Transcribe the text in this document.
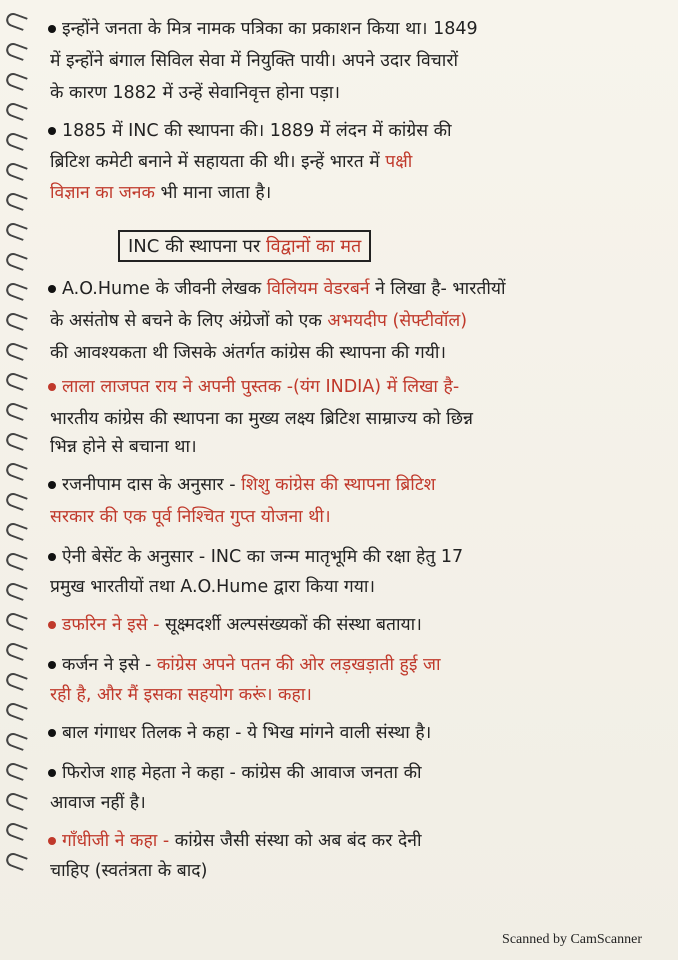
इन्होंने जनता के मित्र नामक पत्रिका का प्रकाशन किया था। 1849
में इन्होंने बंगाल सिविल सेवा में नियुक्ति पायी। अपने उदार विचारों
के कारण 1882 में उन्हें सेवानिवृत्त होना पड़ा।
1885 में INC की स्थापना की। 1889 में लंदन में कांग्रेस की
ब्रिटिश कमेटी बनाने में सहायता की थी। इन्हें भारत में पक्षी
विज्ञान का जनक भी माना जाता है।
INC की स्थापना पर विद्वानों का मत
A.O.Hume के जीवनी लेखक विलियम वेडरबर्न ने लिखा है- भारतीयों
के असंतोष से बचने के लिए अंग्रेजों को एक अभयदीप (सेफ्टीवॉल)
की आवश्यकता थी जिसके अंतर्गत कांग्रेस की स्थापना की गयी।
लाला लाजपत राय ने अपनी पुस्तक -(यंग INDIA) में लिखा है-
भारतीय कांग्रेस की स्थापना का मुख्य लक्ष्य ब्रिटिश साम्राज्य को छिन्न
भिन्न होने से बचाना था।
रजनीपाम दास के अनुसार - शिशु कांग्रेस की स्थापना ब्रिटिश
सरकार की एक पूर्व निश्चित गुप्त योजना थी।
ऐनी बेसेंट के अनुसार - INC का जन्म मातृभूमि की रक्षा हेतु 17
प्रमुख भारतीयों तथा A.O.Hume द्वारा किया गया।
डफरिन ने इसे - सूक्ष्मदर्शी अल्पसंख्यकों की संस्था बताया।
कर्जन ने इसे - कांग्रेस अपने पतन की ओर लड़खड़ाती हुई जा
रही है, और मैं इसका सहयोग करूं। कहा।
बाल गंगाधर तिलक ने कहा - ये भिख मांगने वाली संस्था है।
फिरोज शाह मेहता ने कहा - कांग्रेस की आवाज जनता की
आवाज नहीं है।
गाँधीजी ने कहा - कांग्रेस जैसी संस्था को अब बंद कर देनी
चाहिए (स्वतंत्रता के बाद)
Scanned by CamScanner
